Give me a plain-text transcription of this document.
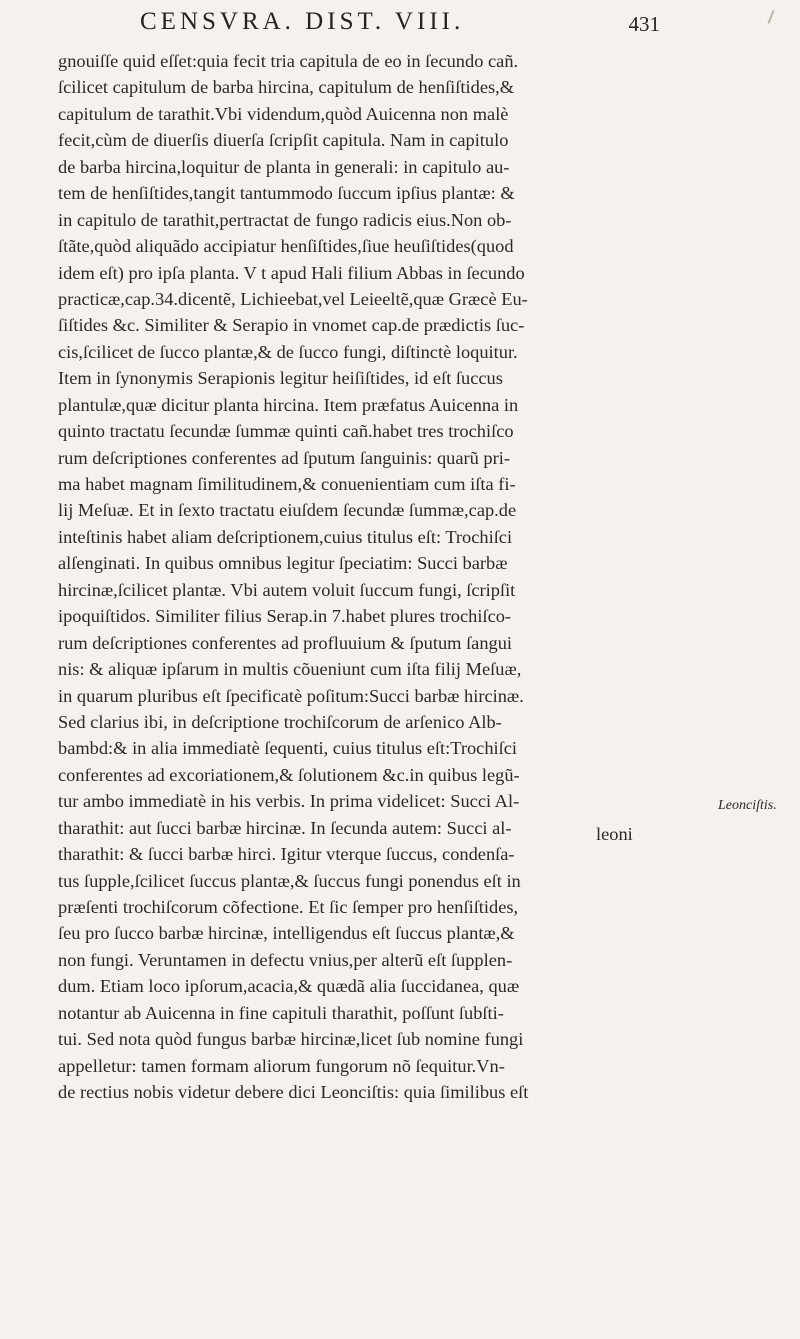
CENSVRA. DIST. VIII.	431
gnouiſſe quid eſſet:quia fecit tria capitula de eo in ſecundo cañ.
ſcilicet capitulum de barba hircina, capitulum de henſiſtides,&
capitulum de tarathit.Vbi videndum,quòd Auicenna non malè
fecit,cùm de diuerſis diuerſa ſcripſit capitula. Nam in capitulo
de barba hircina,loquitur de planta in generali: in capitulo au-
tem de henſiſtides,tangit tantummodo ſuccum ipſius plantæ: &
in capitulo de tarathit,pertractat de fungo radicis eius.Non ob-
ſtãte,quòd aliquãdo accipiatur henſiſtides,ſiue heuſiſtides(quod
idem eſt) pro ipſa planta. V t apud Hali filium Abbas in ſecundo
practicæ,cap.34.dicentẽ, Lichieebat,vel Leieeltẽ,quæ Græcè Eu-
ſiſtides &c. Similiter & Serapio in vnomet cap.de prædictis ſuc-
cis,ſcilicet de ſucco plantæ,& de ſucco fungi, diſtinctè loquitur.
Item in ſynonymis Serapionis legitur heiſiſtides, id eſt ſuccus
plantulæ,quæ dicitur planta hircina. Item præfatus Auicenna in
quinto tractatu ſecundæ ſummæ quinti cañ.habet tres trochiſco
rum deſcriptiones conferentes ad ſputum ſanguinis: quarũ pri-
ma habet magnam ſimilitudinem,& conuenientiam cum iſta fi-
lij Meſuæ. Et in ſexto tractatu eiuſdem ſecundæ ſummæ,cap.de
inteſtinis habet aliam deſcriptionem,cuius titulus eſt: Trochiſci
alſenginati. In quibus omnibus legitur ſpeciatim: Succi barbæ
hircinæ,ſcilicet plantæ. Vbi autem voluit ſuccum fungi, ſcripſit
ipoquiſtidos. Similiter filius Serap.in 7.habet plures trochiſco-
rum deſcriptiones conferentes ad profluuium & ſputum ſangui
nis: & aliquæ ipſarum in multis cõueniunt cum iſta filij Meſuæ,
in quarum pluribus eſt ſpecificatè poſitum:Succi barbæ hircinæ.
Sed clarius ibi, in deſcriptione trochiſcorum de arſenico Alb-
bambd:& in alia immediatè ſequenti, cuius titulus eſt:Trochiſci
conferentes ad excoriationem,& ſolutionem &c.in quibus legũ-
tur ambo immediatè in his verbis. In prima videlicet: Succi Al-
tharathit: aut ſucci barbæ hircinæ. In ſecunda autem: Succi al-
tharathit: & ſucci barbæ hirci. Igitur vterque ſuccus, condenſa-
tus ſupple,ſcilicet ſuccus plantæ,& ſuccus fungi ponendus eſt in
præſenti trochiſcorum cõfectione. Et ſic ſemper pro henſiſtides,
ſeu pro ſucco barbæ hircinæ, intelligendus eſt ſuccus plantæ,&
non fungi. Veruntamen in defectu vnius,per alterũ eſt ſupplen-
dum. Etiam loco ipſorum,acacia,& quædã alia ſuccidanea, quæ
notantur ab Auicenna in fine capituli tharathit, poſſunt ſubſti-
tui. Sed nota quòd fungus barbæ hircinæ,licet ſub nomine fungi
appelletur: tamen formam aliorum fungorum nõ ſequitur.Vn-
de rectius nobis videtur debere dici Leonciſtis: quia ſimilibus eſt
leoni
Leonciſtis.
